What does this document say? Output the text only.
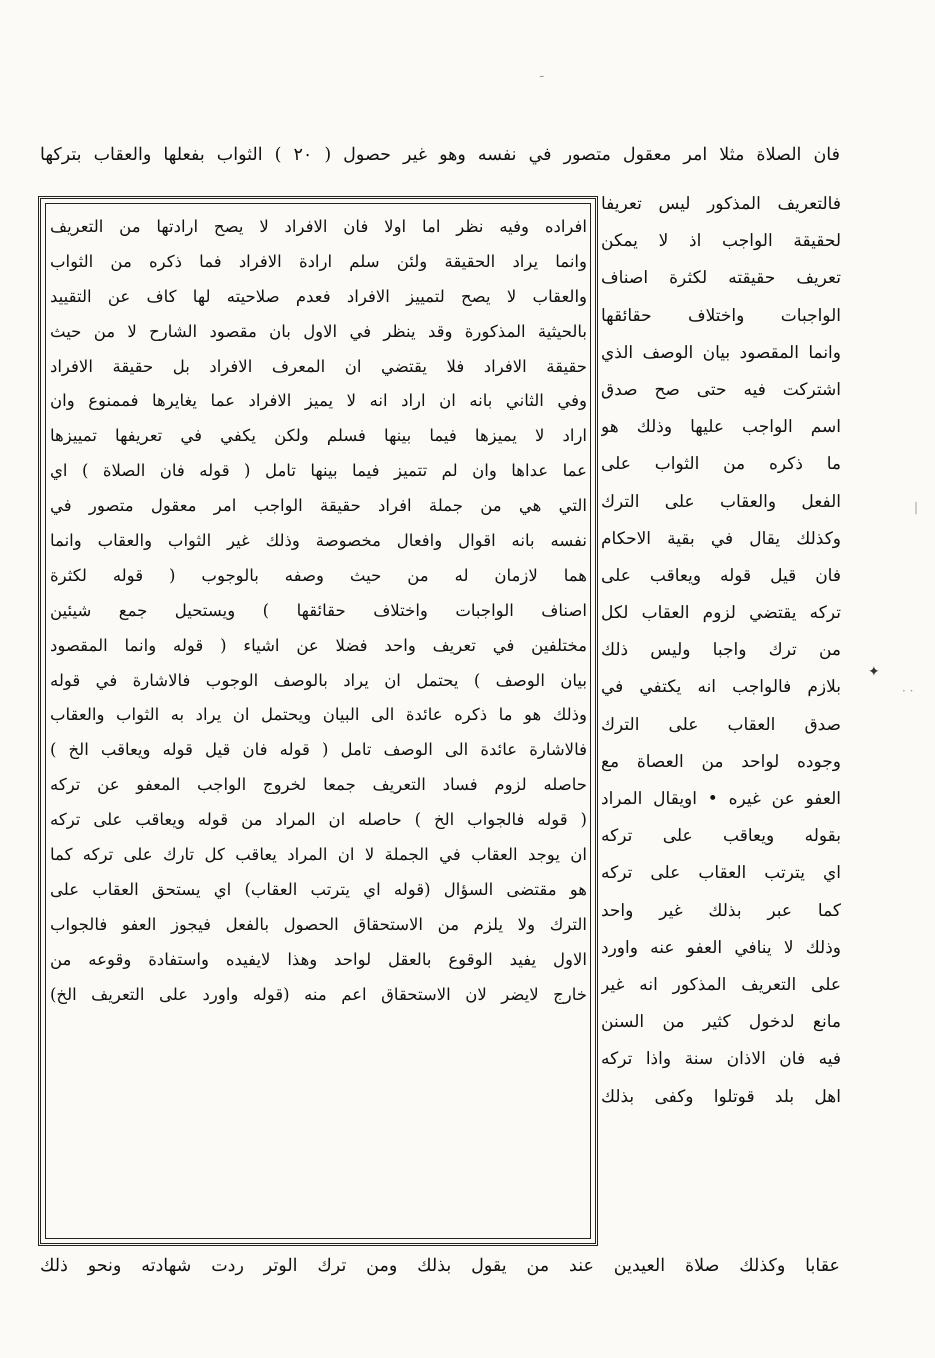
ـ
فان الصلاة مثلا امر معقول متصور في نفسه وهو غير حصول ( ٢٠ ) الثواب بفعلها والعقاب بتركها
فالتعريف المذكور ليس تعريفا
لحقيقة الواجب اذ لا يمكن
تعريف حقيقته لكثرة اصناف
الواجبات واختلاف حقائقها
وانما المقصود بيان الوصف الذي
اشتركت فيه حتى صح صدق
اسم الواجب عليها وذلك هو
ما ذكره من الثواب على
الفعل والعقاب على الترك
وكذلك يقال في بقية الاحكام
فان قيل قوله ويعاقب على
تركه يقتضي لزوم العقاب لكل
من ترك واجبا وليس ذلك
بلازم فالواجب انه يكتفي في
صدق العقاب على الترك
وجوده لواحد من العصاة مع
العفو عن غيره • اويقال المراد
بقوله ويعاقب على تركه
اي يترتب العقاب على تركه
كما عبر بذلك غير واحد
وذلك لا ينافي العفو عنه واورد
على التعريف المذكور انه غير
مانع لدخول كثير من السنن
فيه فان الاذان سنة واذا تركه
اهل بلد قوتلوا وكفى بذلك
افراده وفيه نظر اما اولا فان الافراد لا يصح ارادتها من التعريف
وانما يراد الحقيقة ولئن سلم ارادة الافراد فما ذكره من الثواب
والعقاب لا يصح لتمييز الافراد فعدم صلاحيته لها كاف عن التقييد
بالحيثية المذكورة وقد ينظر في الاول بان مقصود الشارح لا من حيث
حقيقة الافراد فلا يقتضي ان المعرف الافراد بل حقيقة الافراد
وفي الثاني بانه ان اراد انه لا يميز الافراد عما يغايرها فممنوع وان
اراد لا يميزها فيما بينها فسلم ولكن يكفي في تعريفها تمييزها
عما عداها وان لم تتميز فيما بينها تامل ( قوله فان الصلاة ) اي
التي هي من جملة افراد حقيقة الواجب امر معقول متصور في
نفسه بانه اقوال وافعال مخصوصة وذلك غير الثواب والعقاب وانما
هما لازمان له من حيث وصفه بالوجوب ( قوله لكثرة
اصناف الواجبات واختلاف حقائقها ) ويستحيل جمع شيئين
مختلفين في تعريف واحد فضلا عن اشياء ( قوله وانما المقصود
بيان الوصف ) يحتمل ان يراد بالوصف الوجوب فالاشارة في قوله
وذلك هو ما ذكره عائدة الى البيان ويحتمل ان يراد به الثواب والعقاب
فالاشارة عائدة الى الوصف تامل ( قوله فان قيل قوله ويعاقب الخ )
حاصله لزوم فساد التعريف جمعا لخروج الواجب المعفو عن تركه
( قوله فالجواب الخ ) حاصله ان المراد من قوله ويعاقب على تركه
ان يوجد العقاب في الجملة لا ان المراد يعاقب كل تارك على تركه كما
هو مقتضى السؤال (قوله اي يترتب العقاب) اي يستحق العقاب على
الترك ولا يلزم من الاستحقاق الحصول بالفعل فيجوز العفو فالجواب
الاول يفيد الوقوع بالعقل لواحد وهذا لايفيده واستفادة وقوعه من
خارج لايضر لان الاستحقاق اعم منه (قوله واورد على التعريف الخ)
✦
|
· ·
عقابا وكذلك صلاة العيدين عند من يقول بذلك ومن ترك الوتر ردت شهادته ونحو ذلك
